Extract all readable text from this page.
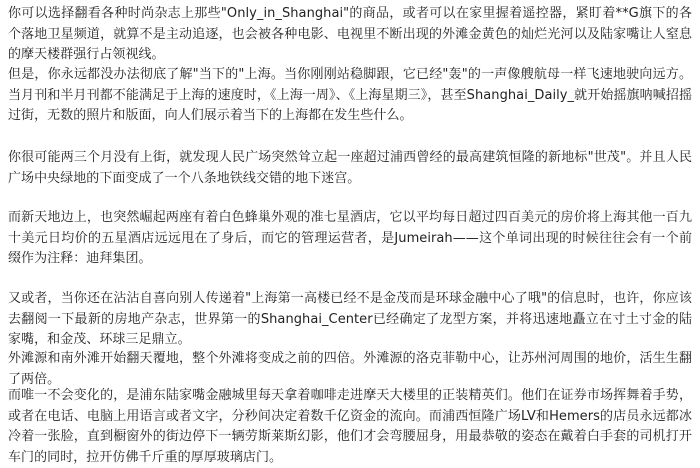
你可以选择翻看各种时尚杂志上那些"Only_in_Shanghai"的商品，或者可以在家里握着遥控器，紧盯着**G旗下的各个落地卫星频道，就算不是主动追逐，也会被各种电影、电视里不断出现的外滩金黄色的灿烂光河以及陆家嘴让人窒息的摩天楼群强行占领视线。

但是，你永远都没办法彻底了解"当下的"上海。当你刚刚站稳脚跟，它已经"轰"的一声像艘航母一样飞速地驶向远方。当月刊和半月刊都不能满足于上海的速度时，《上海一周》、《上海星期三》，甚至Shanghai_Daily_就开始摇旗呐喊招摇过街，无数的照片和版面，向人们展示着当下的上海都在发生些什么。

你很可能两三个月没有上街，就发现人民广场突然耸立起一座超过浦西曾经的最高建筑恒隆的新地标"世茂"。并且人民广场中央绿地的下面变成了一个八条地铁线交错的地下迷宫。

而新天地边上，也突然崛起两座有着白色蜂巢外观的准七星酒店，它以平均每日超过四百美元的房价将上海其他一百九十美元日均价的五星酒店远远甩在了身后，而它的管理运营者，是Jumeirah——这个单词出现的时候往往会有一个前缀作为注释：迪拜集团。

又或者，当你还在沾沾自喜向别人传递着"上海第一高楼已经不是金茂而是环球金融中心了哦"的信息时，也许，你应该去翻阅一下最新的房地产杂志，世界第一的Shanghai_Center已经确定了龙型方案，并将迅速地矗立在寸土寸金的陆家嘴，和金茂、环球三足鼎立。

外滩源和南外滩开始翻天覆地，整个外滩将变成之前的四倍。外滩源的洛克菲勒中心，让苏州河周围的地价，活生生翻了两倍。

而唯一不会变化的，是浦东陆家嘴金融城里每天拿着咖啡走进摩天大楼里的正装精英们。他们在证券市场挥舞着手势，或者在电话、电脑上用语言或者文字，分秒间决定着数千亿资金的流向。而浦西恒隆广场LV和Hemers的店员永远都冰冷着一张脸，直到橱窗外的街边停下一辆劳斯莱斯幻影，他们才会弯腰屈身，用最恭敬的姿态在戴着白手套的司机打开车门的同时，拉开仿佛千斤重的厚厚玻璃店门。
